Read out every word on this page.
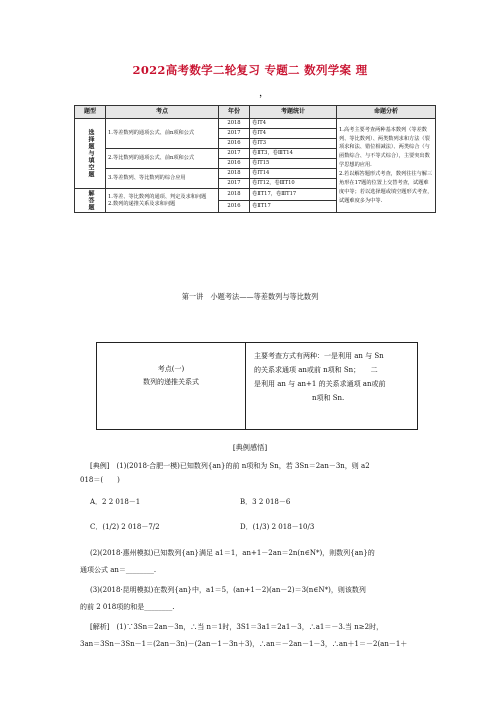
2022高考数学二轮复习 专题二 数列学案 理
，
题型	考点	年份	考题统计	命题分析
选择题与填空题	1.等差数列的通项公式、前n项和公式	2018	卷ⅠT4	1.高考主要考查两种基本数列（等差数列、等比数列）、两类数列求和方法（裂项求和法、错位相减法）、两类综合（与函数综合、与不等式综合），主要突出数学思想的应用.
2.若以解答题形式考查，数列往往与解三角形在17题的位置上交替考查，试题难度中等；若以选择题或填空题形式考查，试题难度多为中等.
		2017	卷ⅠT4	
		2016	卷ⅠT3	
	2.等比数列的通项公式、前n项和公式	2017	卷ⅡT3，卷ⅢT14	
		2016	卷ⅠT15	
	3.等差数列、等比数列的综合应用	2018	卷ⅠT14	
		2017	卷ⅠT12，卷ⅢT10	
解答题	1.等差、等比数列的通项、判定及求和问题
2.数列的递推关系及求和问题	2018	卷ⅡT17，卷ⅢT17	
		2016	卷ⅡT17	
第一讲　小题考法——等差数列与等比数列
考点(一)
数列的递推关系式
主要考查方式有两种：一是利用 an 与 Sn
的关系求通项 an或前 n项和 Sn；　　二
是利用 an 与 an+1 的关系求通项 an或前
n项和 Sn.
[典例感悟]
[典例]　(1)(2018·合肥一模)已知数列{an}的前 n项和为 Sn，若 3Sn＝2an－3n，则 a2
018＝(　　)
A．2 2 018－1	B．3 2 018－6
C．(1/2) 2 018－7/2	D．(1/3) 2 018－10/3
(2)(2018·惠州模拟)已知数列{an}满足 a1＝1，an+1－2an＝2n(n∈N*)，则数列{an}的
通项公式 an＝________.
(3)(2018·昆明模拟)在数列{an}中，a1＝5，(an+1－2)(an－2)＝3(n∈N*)，则该数列
的前 2 018项的和是________.
[解析]　(1)∵3Sn＝2an－3n，∴当 n＝1时，3S1＝3a1＝2a1－3，∴a1＝－3.当 n≥2时，
3an＝3Sn－3Sn－1＝(2an－3n)－(2an－1－3n＋3)，∴an＝－2an－1－3，∴an＋1＝－2(an－1＋
